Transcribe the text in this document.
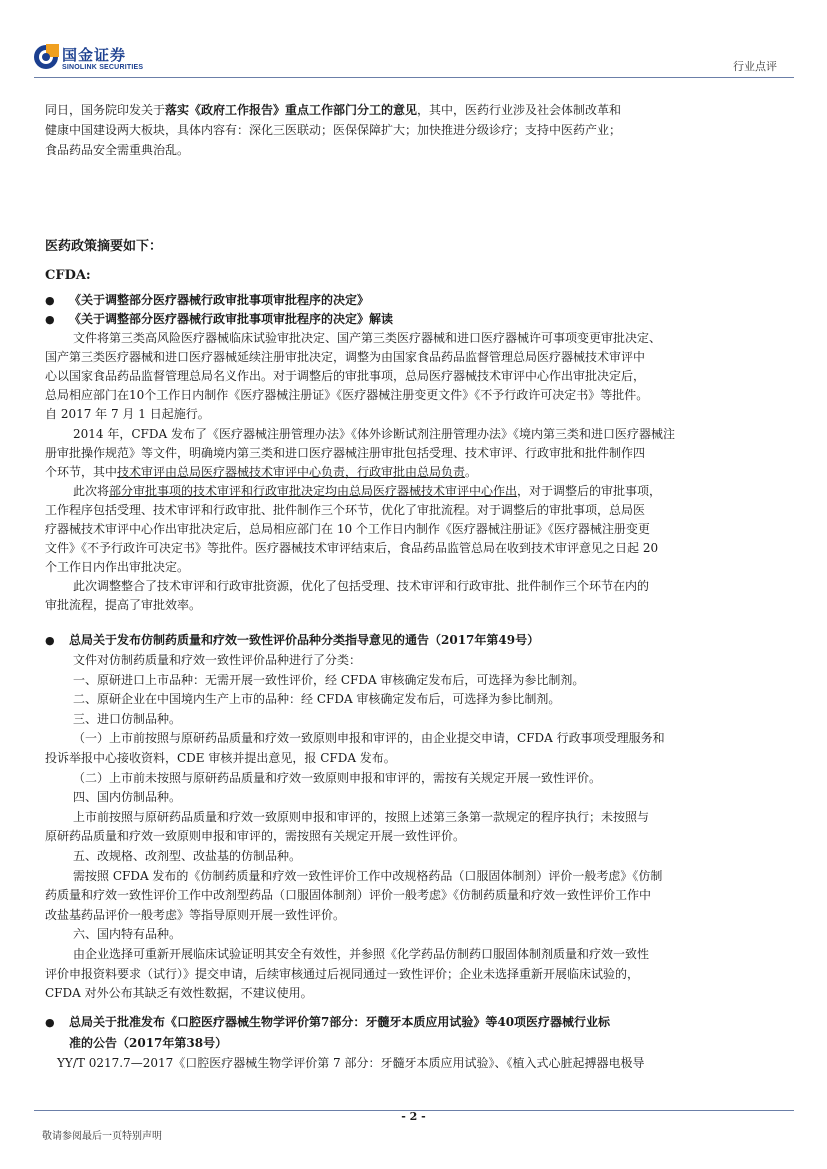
国金证券
SINOLINK SECURITIES	行业点评
同日，国务院印发关于落实《政府工作报告》重点工作部门分工的意见，其中，医药行业涉及社会体制改革和
健康中国建设两大板块，具体内容有：深化三医联动；医保保障扩大；加快推进分级诊疗；支持中医药产业；
食品药品安全需重典治乱。
医药政策摘要如下：
CFDA:
● 《关于调整部分医疗器械行政审批事项审批程序的决定》
● 《关于调整部分医疗器械行政审批事项审批程序的决定》解读
文件将第三类高风险医疗器械临床试验审批决定、国产第三类医疗器械和进口医疗器械许可事项变更审批决定、
国产第三类医疗器械和进口医疗器械延续注册审批决定，调整为由国家食品药品监督管理总局医疗器械技术审评中
心以国家食品药品监督管理总局名义作出。对于调整后的审批事项，总局医疗器械技术审评中心作出审批决定后，
总局相应部门在10个工作日内制作《医疗器械注册证》《医疗器械注册变更文件》《不予行政许可决定书》等批件。
自 2017 年 7 月 1 日起施行。
2014 年，CFDA 发布了《医疗器械注册管理办法》《体外诊断试剂注册管理办法》《境内第三类和进口医疗器械注
册审批操作规范》等文件，明确境内第三类和进口医疗器械注册审批包括受理、技术审评、行政审批和批件制作四
个环节，其中技术审评由总局医疗器械技术审评中心负责，行政审批由总局负责。
此次将部分审批事项的技术审评和行政审批决定均由总局医疗器械技术审评中心作出，对于调整后的审批事项，
工作程序包括受理、技术审评和行政审批、批件制作三个环节，优化了审批流程。对于调整后的审批事项，总局医
疗器械技术审评中心作出审批决定后，总局相应部门在 10 个工作日内制作《医疗器械注册证》《医疗器械注册变更
文件》《不予行政许可决定书》等批件。医疗器械技术审评结束后，食品药品监管总局在收到技术审评意见之日起 20
个工作日内作出审批决定。
此次调整整合了技术审评和行政审批资源，优化了包括受理、技术审评和行政审批、批件制作三个环节在内的
审批流程，提高了审批效率。
● 总局关于发布仿制药质量和疗效一致性评价品种分类指导意见的通告（2017年第49号）
文件对仿制药质量和疗效一致性评价品种进行了分类：
一、原研进口上市品种：无需开展一致性评价，经 CFDA 审核确定发布后，可选择为参比制剂。
二、原研企业在中国境内生产上市的品种：经 CFDA 审核确定发布后，可选择为参比制剂。
三、进口仿制品种。
（一）上市前按照与原研药品质量和疗效一致原则申报和审评的，由企业提交申请，CFDA 行政事项受理服务和
投诉举报中心接收资料，CDE 审核并提出意见，报 CFDA 发布。
（二）上市前未按照与原研药品质量和疗效一致原则申报和审评的，需按有关规定开展一致性评价。
四、国内仿制品种。
上市前按照与原研药品质量和疗效一致原则申报和审评的，按照上述第三条第一款规定的程序执行；未按照与
原研药品质量和疗效一致原则申报和审评的，需按照有关规定开展一致性评价。
五、改规格、改剂型、改盐基的仿制品种。
需按照 CFDA 发布的《仿制药质量和疗效一致性评价工作中改规格药品（口服固体制剂）评价一般考虑》《仿制
药质量和疗效一致性评价工作中改剂型药品（口服固体制剂）评价一般考虑》《仿制药质量和疗效一致性评价工作中
改盐基药品评价一般考虑》等指导原则开展一致性评价。
六、国内特有品种。
由企业选择可重新开展临床试验证明其安全有效性，并参照《化学药品仿制药口服固体制剂质量和疗效一致性
评价申报资料要求（试行）》提交申请，后续审核通过后视同通过一致性评价；企业未选择重新开展临床试验的，
CFDA 对外公布其缺乏有效性数据，不建议使用。
● 总局关于批准发布《口腔医疗器械生物学评价第7部分：牙髓牙本质应用试验》等40项医疗器械行业标
准的公告（2017年第38号）
YY/T 0217.7—2017《口腔医疗器械生物学评价第 7 部分：牙髓牙本质应用试验》、《植入式心脏起搏器电极导
- 2 -
敬请参阅最后一页特别声明
